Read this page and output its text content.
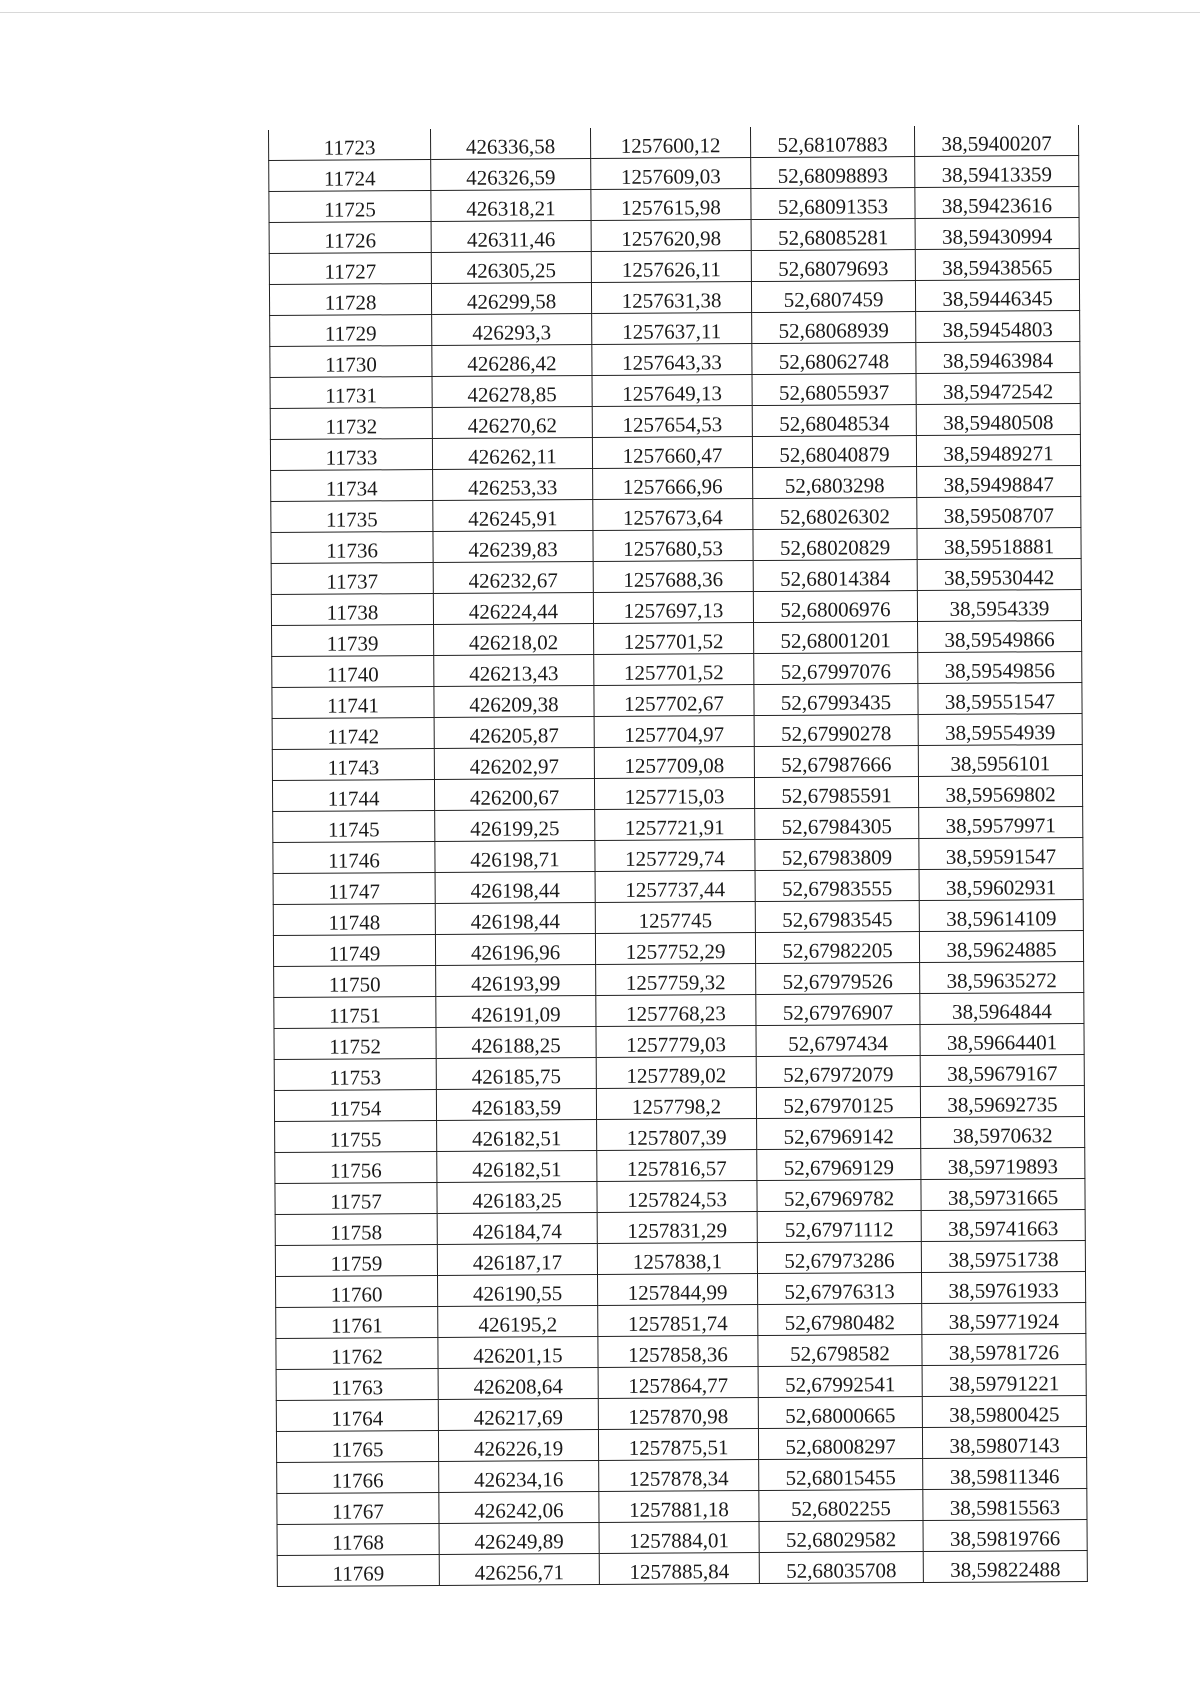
11723	426336,58	1257600,12	52,68107883	38,59400207
11724	426326,59	1257609,03	52,68098893	38,59413359
11725	426318,21	1257615,98	52,68091353	38,59423616
11726	426311,46	1257620,98	52,68085281	38,59430994
11727	426305,25	1257626,11	52,68079693	38,59438565
11728	426299,58	1257631,38	52,6807459	38,59446345
11729	426293,3	1257637,11	52,68068939	38,59454803
11730	426286,42	1257643,33	52,68062748	38,59463984
11731	426278,85	1257649,13	52,68055937	38,59472542
11732	426270,62	1257654,53	52,68048534	38,59480508
11733	426262,11	1257660,47	52,68040879	38,59489271
11734	426253,33	1257666,96	52,6803298	38,59498847
11735	426245,91	1257673,64	52,68026302	38,59508707
11736	426239,83	1257680,53	52,68020829	38,59518881
11737	426232,67	1257688,36	52,68014384	38,59530442
11738	426224,44	1257697,13	52,68006976	38,5954339
11739	426218,02	1257701,52	52,68001201	38,59549866
11740	426213,43	1257701,52	52,67997076	38,59549856
11741	426209,38	1257702,67	52,67993435	38,59551547
11742	426205,87	1257704,97	52,67990278	38,59554939
11743	426202,97	1257709,08	52,67987666	38,5956101
11744	426200,67	1257715,03	52,67985591	38,59569802
11745	426199,25	1257721,91	52,67984305	38,59579971
11746	426198,71	1257729,74	52,67983809	38,59591547
11747	426198,44	1257737,44	52,67983555	38,59602931
11748	426198,44	1257745	52,67983545	38,59614109
11749	426196,96	1257752,29	52,67982205	38,59624885
11750	426193,99	1257759,32	52,67979526	38,59635272
11751	426191,09	1257768,23	52,67976907	38,5964844
11752	426188,25	1257779,03	52,6797434	38,59664401
11753	426185,75	1257789,02	52,67972079	38,59679167
11754	426183,59	1257798,2	52,67970125	38,59692735
11755	426182,51	1257807,39	52,67969142	38,5970632
11756	426182,51	1257816,57	52,67969129	38,59719893
11757	426183,25	1257824,53	52,67969782	38,59731665
11758	426184,74	1257831,29	52,67971112	38,59741663
11759	426187,17	1257838,1	52,67973286	38,59751738
11760	426190,55	1257844,99	52,67976313	38,59761933
11761	426195,2	1257851,74	52,67980482	38,59771924
11762	426201,15	1257858,36	52,6798582	38,59781726
11763	426208,64	1257864,77	52,67992541	38,59791221
11764	426217,69	1257870,98	52,68000665	38,59800425
11765	426226,19	1257875,51	52,68008297	38,59807143
11766	426234,16	1257878,34	52,68015455	38,59811346
11767	426242,06	1257881,18	52,6802255	38,59815563
11768	426249,89	1257884,01	52,68029582	38,59819766
11769	426256,71	1257885,84	52,68035708	38,59822488
